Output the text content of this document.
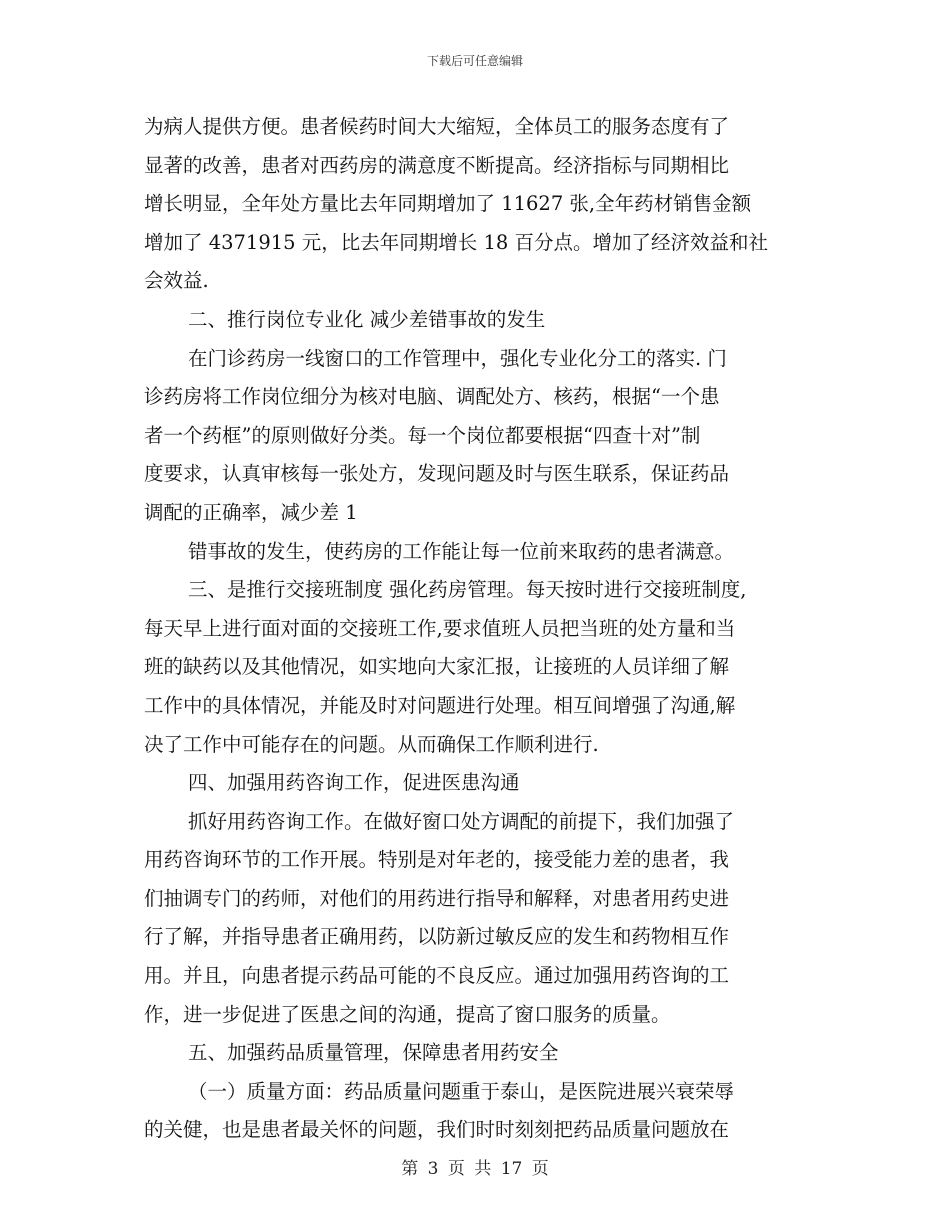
下载后可任意编辑
为病人提供方便。患者候药时间大大缩短，全体员工的服务态度有了
显著的改善，患者对西药房的满意度不断提高。经济指标与同期相比
增长明显，全年处方量比去年同期增加了 11627 张,全年药材销售金额
增加了 4371915 元，比去年同期增长 18 百分点。增加了经济效益和社
会效益.
二、推行岗位专业化 减少差错事故的发生
在门诊药房一线窗口的工作管理中，强化专业化分工的落实. 门
诊药房将工作岗位细分为核对电脑、调配处方、核药，根据“一个患
者一个药框”的原则做好分类。每一个岗位都要根据“四查十对”制
度要求，认真审核每一张处方，发现问题及时与医生联系，保证药品
调配的正确率，减少差 1
错事故的发生，使药房的工作能让每一位前来取药的患者满意。
三、是推行交接班制度 强化药房管理。每天按时进行交接班制度,
每天早上进行面对面的交接班工作,要求值班人员把当班的处方量和当
班的缺药以及其他情况，如实地向大家汇报，让接班的人员详细了解
工作中的具体情况，并能及时对问题进行处理。相互间增强了沟通,解
决了工作中可能存在的问题。从而确保工作顺利进行.
四、加强用药咨询工作，促进医患沟通
抓好用药咨询工作。在做好窗口处方调配的前提下，我们加强了
用药咨询环节的工作开展。特别是对年老的，接受能力差的患者，我
们抽调专门的药师，对他们的用药进行指导和解释，对患者用药史进
行了解，并指导患者正确用药，以防新过敏反应的发生和药物相互作
用。并且，向患者提示药品可能的不良反应。通过加强用药咨询的工
作，进一步促进了医患之间的沟通，提高了窗口服务的质量。
五、加强药品质量管理，保障患者用药安全
（一）质量方面：药品质量问题重于泰山，是医院进展兴衰荣辱
的关健，也是患者最关怀的问题，我们时时刻刻把药品质量问题放在
第 3 页 共 17 页
